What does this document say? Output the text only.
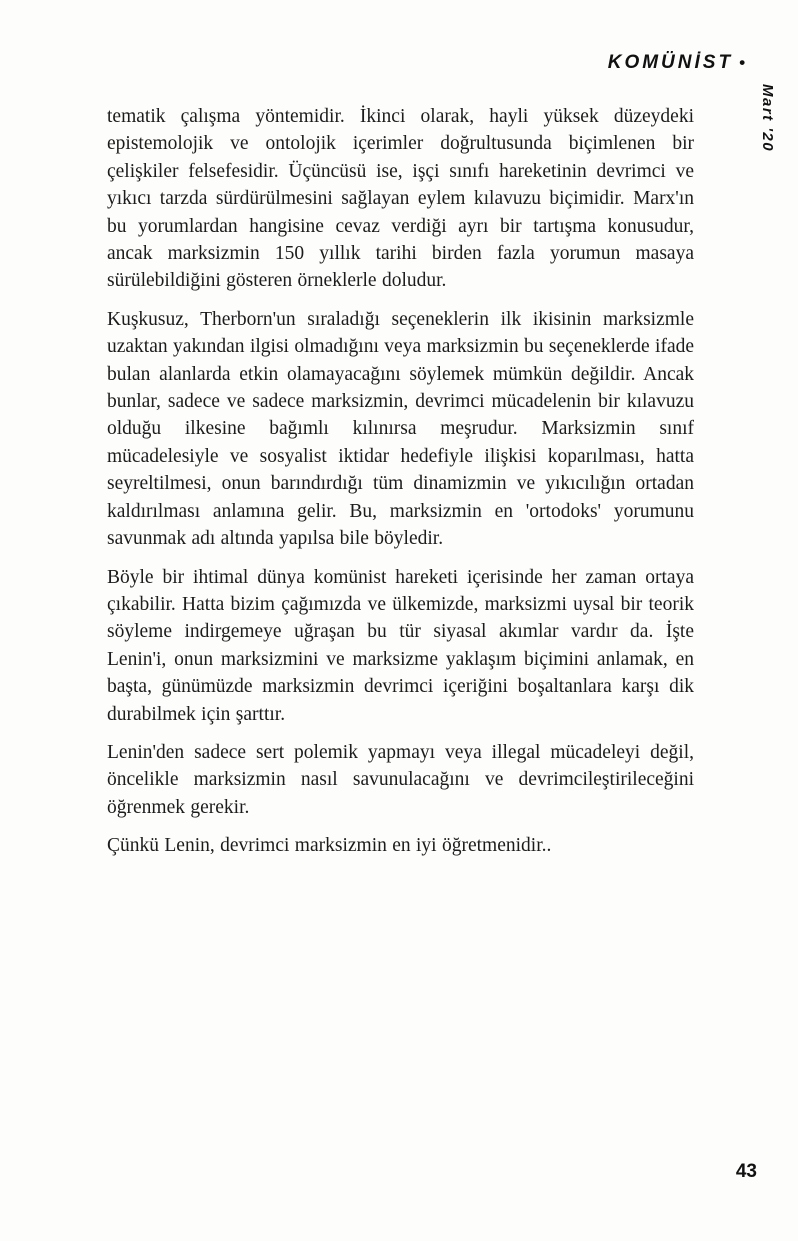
KOMÜNİST •
Mart '20

tematik çalışma yöntemidir. İkinci olarak, hayli yüksek düzeydeki epistemolojik ve ontolojik içerimler doğrultusunda biçimlenen bir çelişkiler felsefesidir. Üçüncüsü ise, işçi sınıfı hareketinin devrimci ve yıkıcı tarzda sürdürülmesini sağlayan eylem kılavuzu biçimidir. Marx'ın bu yorumlardan hangisine cevaz verdiği ayrı bir tartışma konusudur, ancak marksizmin 150 yıllık tarihi birden fazla yorumun masaya sürülebildiğini gösteren örneklerle doludur.

Kuşkusuz, Therborn'un sıraladığı seçeneklerin ilk ikisinin marksizmle uzaktan yakından ilgisi olmadığını veya marksizmin bu seçeneklerde ifade bulan alanlarda etkin olamayacağını söylemek mümkün değildir. Ancak bunlar, sadece ve sadece marksizmin, devrimci mücadelenin bir kılavuzu olduğu ilkesine bağımlı kılınırsa meşrudur. Marksizmin sınıf mücadelesiyle ve sosyalist iktidar hedefiyle ilişkisi koparılması, hatta seyreltilmesi, onun barındırdığı tüm dinamizmin ve yıkıcılığın ortadan kaldırılması anlamına gelir. Bu, marksizmin en 'ortodoks' yorumunu savunmak adı altında yapılsa bile böyledir.

Böyle bir ihtimal dünya komünist hareketi içerisinde her zaman ortaya çıkabilir. Hatta bizim çağımızda ve ülkemizde, marksizmi uysal bir teorik söyleme indirgemeye uğraşan bu tür siyasal akımlar vardır da. İşte Lenin'i, onun marksizmini ve marksizme yaklaşım biçimini anlamak, en başta, günümüzde marksizmin devrimci içeriğini boşaltanlara karşı dik durabilmek için şarttır.

Lenin'den sadece sert polemik yapmayı veya illegal mücadeleyi değil, öncelikle marksizmin nasıl savunulacağını ve devrimcileştirileceğini öğrenmek gerekir.

Çünkü Lenin, devrimci marksizmin en iyi öğretmenidir..

43
